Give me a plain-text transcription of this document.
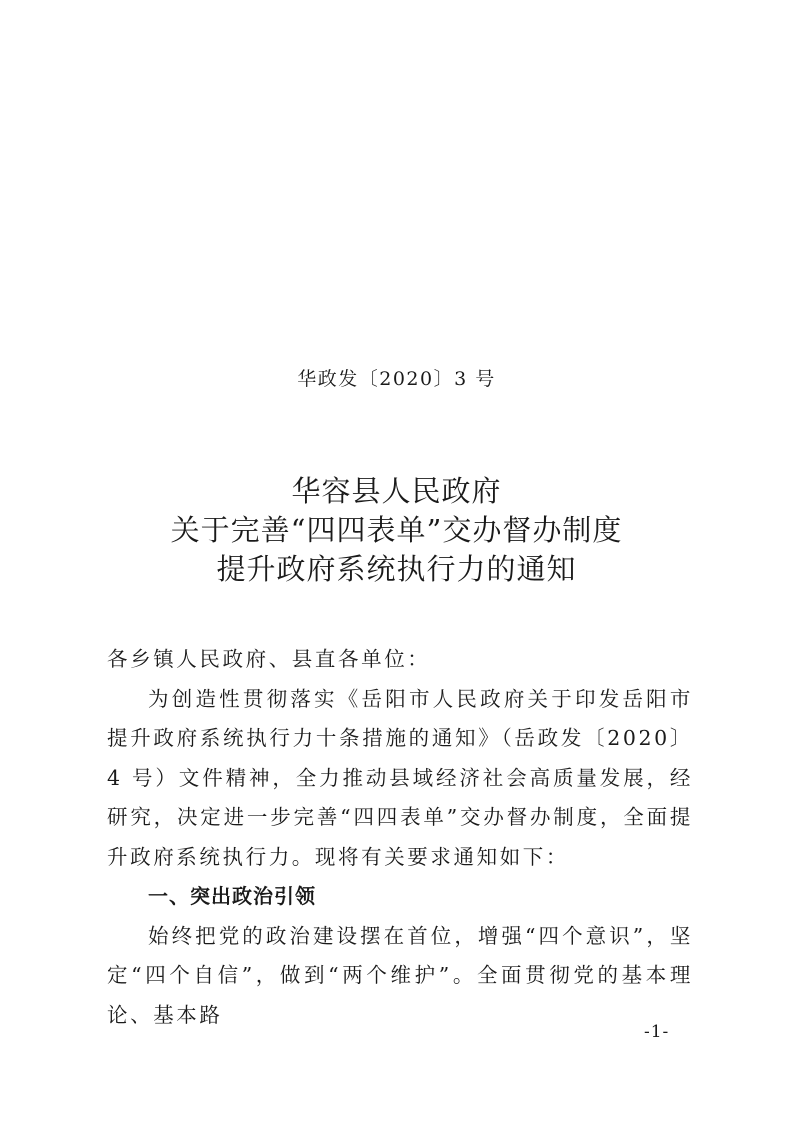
华政发〔2020〕3 号
华容县人民政府
关于完善“四四表单”交办督办制度
提升政府系统执行力的通知
各乡镇人民政府、县直各单位：

为创造性贯彻落实《岳阳市人民政府关于印发岳阳市提升政府系统执行力十条措施的通知》（岳政发〔2020〕4 号）文件精神，全力推动县域经济社会高质量发展，经研究，决定进一步完善“四四表单”交办督办制度，全面提升政府系统执行力。现将有关要求通知如下：

一、突出政治引领

始终把党的政治建设摆在首位，增强“四个意识”，坚定“四个自信”，做到“两个维护”。全面贯彻党的基本理论、基本路

-1-
